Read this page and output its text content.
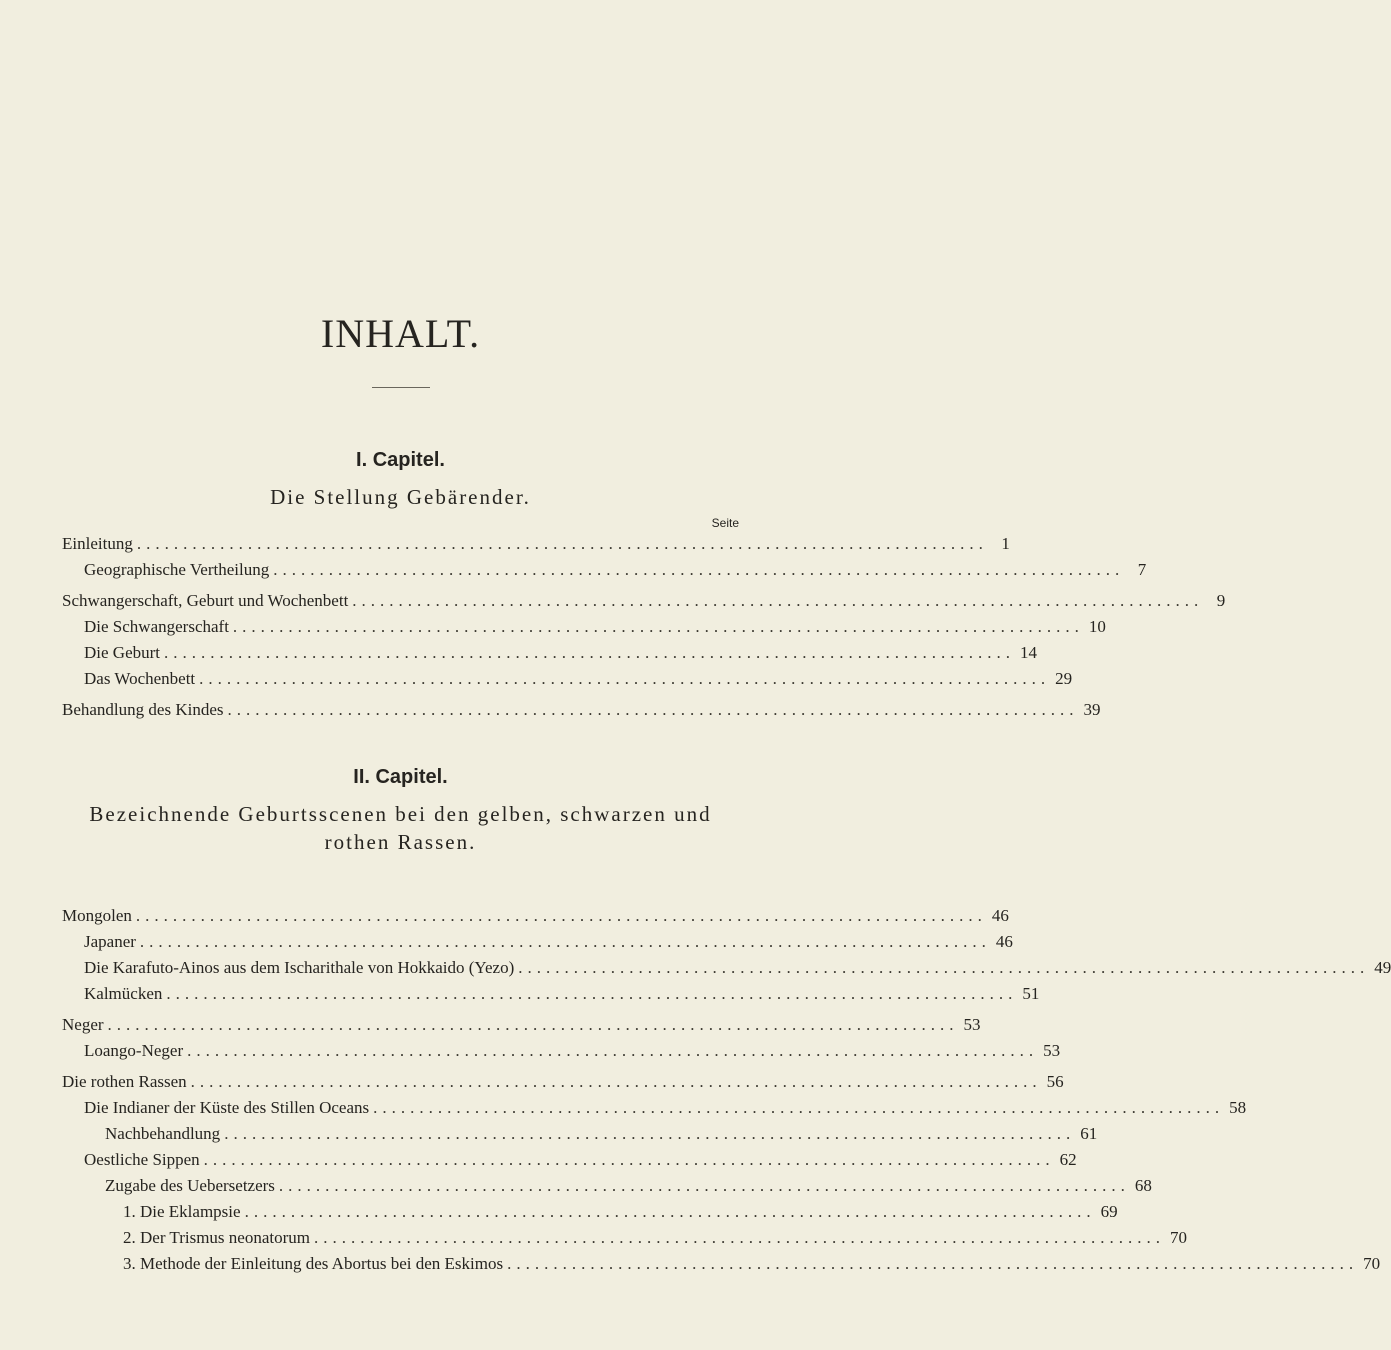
INHALT.
I. Capitel.
Die Stellung Gebärender.
Seite
Einleitung ............................................................................................ 1
Geographische Vertheilung ............................................................................................ 7
Schwangerschaft, Geburt und Wochenbett ............................................................................................ 9
Die Schwangerschaft ............................................................................................ 10
Die Geburt ............................................................................................ 14
Das Wochenbett ............................................................................................ 29
Behandlung des Kindes ............................................................................................ 39
II. Capitel.
Bezeichnende Geburtsscenen bei den gelben, schwarzen und
rothen Rassen.
Mongolen ............................................................................................ 46
Japaner ............................................................................................ 46
Die Karafuto-Ainos aus dem Ischarithale von Hokkaido (Yezo) ............................................................................................ 49
Kalmücken ............................................................................................ 51
Neger ............................................................................................ 53
Loango-Neger ............................................................................................ 53
Die rothen Rassen ............................................................................................ 56
Die Indianer der Küste des Stillen Oceans ............................................................................................ 58
Nachbehandlung ............................................................................................ 61
Oestliche Sippen ............................................................................................ 62
Zugabe des Uebersetzers ............................................................................................ 68
1. Die Eklampsie ............................................................................................ 69
2. Der Trismus neonatorum ............................................................................................ 70
3. Methode der Einleitung des Abortus bei den Eskimos ............................................................................................ 70
